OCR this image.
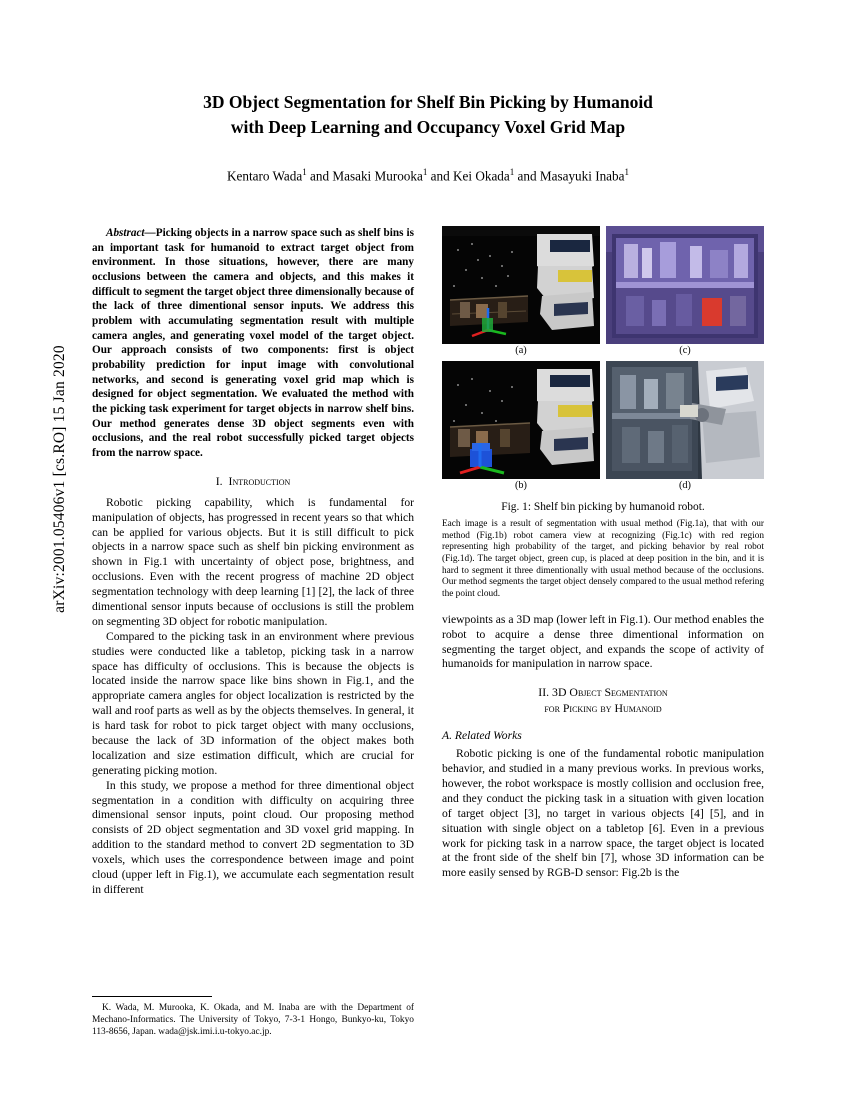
arXiv:2001.05406v1 [cs.RO] 15 Jan 2020
3D Object Segmentation for Shelf Bin Picking by Humanoid
with Deep Learning and Occupancy Voxel Grid Map
Kentaro Wada$^1$ and Masaki Murooka$^1$ and Kei Okada$^1$ and Masayuki Inaba$^1$

Abstract—Picking objects in a narrow space such as shelf bins is an important task for humanoid to extract target object from environment. In those situations, however, there are many occlusions between the camera and objects, and this makes it difficult to segment the target object three dimensionally because of the lack of three dimentional sensor inputs. We address this problem with accumulating segmentation result with multiple camera angles, and generating voxel model of the target object. Our approach consists of two components: first is object probability prediction for input image with convolutional networks, and second is generating voxel grid map which is designed for object segmentation. We evaluated the method with the picking task experiment for target objects in narrow shelf bins. Our method generates dense 3D object segments even with occlusions, and the real robot successfully picked target objects from the narrow space.

I. Introduction

Robotic picking capability, which is fundamental for manipulation of objects, has progressed in recent years so that which can be applied for various objects. But it is still difficult to pick objects in a narrow space such as shelf bin picking environment as shown in Fig.1 with uncertainty of object pose, brightness, and occlusions. Even with the recent progress of machine 2D object segmentation technology with deep learning [1] [2], the lack of three dimentional sensor inputs because of occlusions is still the problem on segmenting 3D object for robotic manipulation.

Compared to the picking task in an environment where previous studies were conducted like a tabletop, picking task in a narrow space has difficulty of occlusions. This is because the objects is located inside the narrow space like bins shown in Fig.1, and the appropriate camera angles for object localization is restricted by the wall and roof parts as well as by the objects themselves. In general, it is hard task for robot to pick target object with many occlusions, because the lack of 3D information of the object makes both localization and size estimation difficult, which are crucial for generating picking motion.

In this study, we propose a method for three dimentional object segmentation in a condition with difficulty on acquiring three dimensional sensor inputs, point cloud. Our proposing method consists of 2D object segmentation and 3D voxel grid mapping. In addition to the standard method to convert 2D segmentation to 3D voxels, which uses the correspondence between image and point cloud (upper left in Fig.1), we accumulate each segmentation result in different

K. Wada, M. Murooka, K. Okada, and M. Inaba are with the Department of Mechano-Informatics. The University of Tokyo, 7-3-1 Hongo, Bunkyo-ku, Tokyo 113-8656, Japan. wada@jsk.imi.i.u-tokyo.ac.jp.

(a)	(c)
(b)	(d)
Fig. 1: Shelf bin picking by humanoid robot.
Each image is a result of segmentation with usual method (Fig.1a), that with our method (Fig.1b) robot camera view at recognizing (Fig.1c) with red region representing high probability of the target, and picking behavior by real robot (Fig.1d). The target object, green cup, is placed at deep position in the bin, and it is hard to segment it three dimentionally with usual method because of the occlusions. Our method segments the target object densely compared to the usual method refering the point cloud.

viewpoints as a 3D map (lower left in Fig.1). Our method enables the robot to acquire a dense three dimentional information on segmenting the target object, and expands the scope of activity of humanoids for manipulation in narrow space.

II. 3D Object Segmentation
for Picking by Humanoid
A. Related Works

Robotic picking is one of the fundamental robotic manipulation behavior, and studied in a many previous works. In previous works, however, the robot workspace is mostly collision and occlusion free, and they conduct the picking task in a situation with given location of target object [3], no target in various objects [4] [5], and in situation with single object on a tabletop [6]. Even in a previous work for picking task in a narrow space, the target object is located at the front side of the shelf bin [7], whose 3D information can be more easily sensed by RGB-D sensor: Fig.2b is the
